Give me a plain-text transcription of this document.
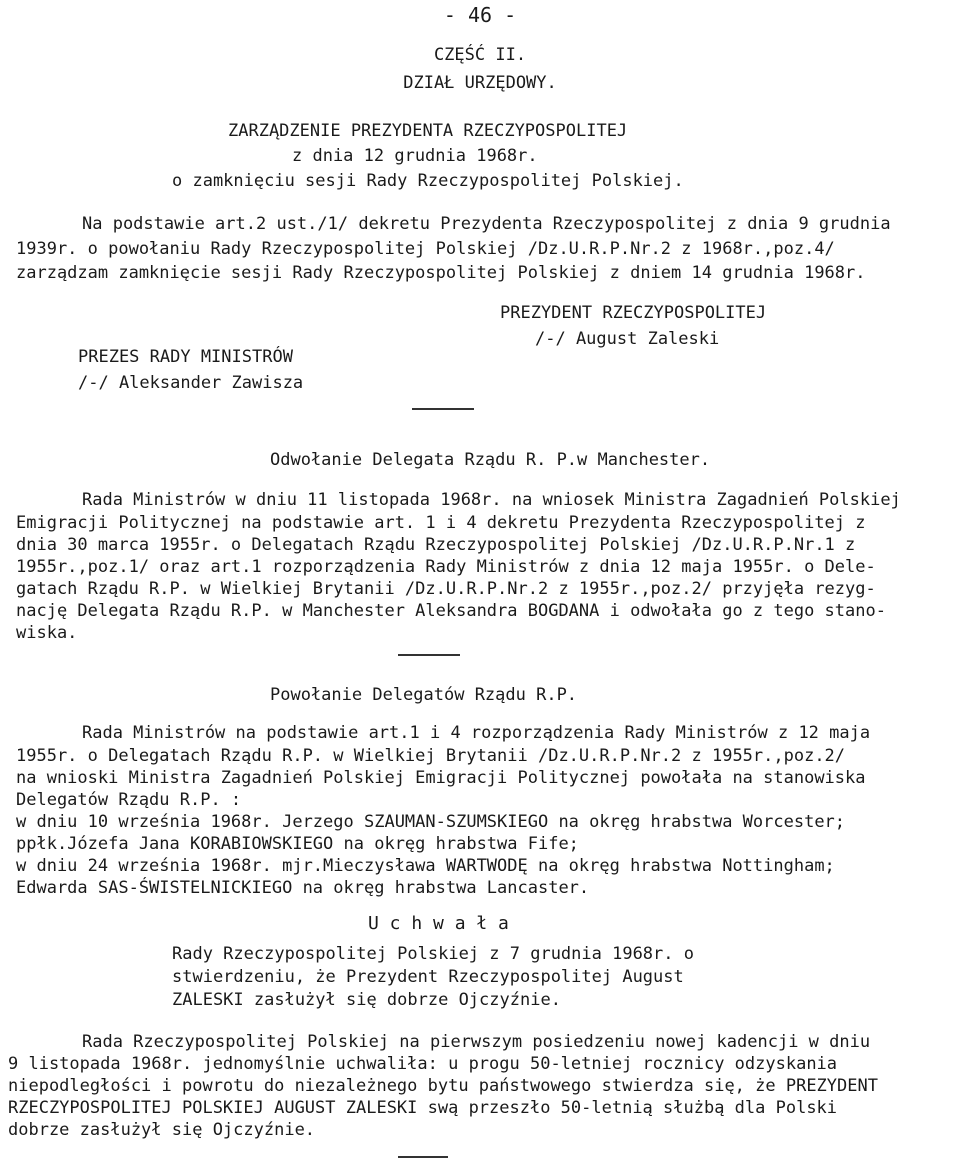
- 46 -
CZĘŚĆ II.
DZIAŁ URZĘDOWY.
ZARZĄDZENIE PREZYDENTA RZECZYPOSPOLITEJ
z dnia 12 grudnia 1968r.
o zamknięciu sesji Rady Rzeczypospolitej Polskiej.
Na podstawie art.2 ust./1/ dekretu Prezydenta Rzeczypospolitej z dnia 9 grudnia
1939r. o powołaniu Rady Rzeczypospolitej Polskiej /Dz.U.R.P.Nr.2 z 1968r.,poz.4/
zarządzam zamknięcie sesji Rady Rzeczypospolitej Polskiej z dniem 14 grudnia 1968r.
PREZYDENT RZECZYPOSPOLITEJ
/-/ August Zaleski
PREZES RADY MINISTRÓW
/-/ Aleksander Zawisza
Odwołanie Delegata Rządu R. P.w Manchester.
Rada Ministrów w dniu 11 listopada 1968r. na wniosek Ministra Zagadnień Polskiej
Emigracji Politycznej na podstawie art. 1 i 4 dekretu Prezydenta Rzeczypospolitej z
dnia 30 marca 1955r. o Delegatach Rządu Rzeczypospolitej Polskiej /Dz.U.R.P.Nr.1 z
1955r.,poz.1/ oraz art.1 rozporządzenia Rady Ministrów z dnia 12 maja 1955r. o Dele-
gatach Rządu R.P. w Wielkiej Brytanii /Dz.U.R.P.Nr.2 z 1955r.,poz.2/ przyjęła rezyg-
nację Delegata Rządu R.P. w Manchester Aleksandra BOGDANA i odwołała go z tego stano-
wiska.
Powołanie Delegatów Rządu R.P.
Rada Ministrów na podstawie art.1 i 4 rozporządzenia Rady Ministrów z 12 maja
1955r. o Delegatach Rządu R.P. w Wielkiej Brytanii /Dz.U.R.P.Nr.2 z 1955r.,poz.2/
na wnioski Ministra Zagadnień Polskiej Emigracji Politycznej powołała na stanowiska
Delegatów Rządu R.P. :
w dniu 10 września 1968r. Jerzego SZAUMAN-SZUMSKIEGO na okręg hrabstwa Worcester;
ppłk.Józefa Jana KORABIOWSKIEGO na okręg hrabstwa Fife;
w dniu 24 września 1968r. mjr.Mieczysława WARTWODĘ na okręg hrabstwa Nottingham;
Edwarda SAS-ŚWISTELNICKIEGO na okręg hrabstwa Lancaster.
U c h w a ł a
Rady Rzeczypospolitej Polskiej z 7 grudnia 1968r. o
stwierdzeniu, że Prezydent Rzeczypospolitej August
ZALESKI zasłużył się dobrze Ojczyźnie.
Rada Rzeczypospolitej Polskiej na pierwszym posiedzeniu nowej kadencji w dniu
9 listopada 1968r. jednomyślnie uchwaliła: u progu 50-letniej rocznicy odzyskania
niepodległości i powrotu do niezależnego bytu państwowego stwierdza się, że PREZYDENT
RZECZYPOSPOLITEJ POLSKIEJ AUGUST ZALESKI swą przeszło 50-letnią służbą dla Polski
dobrze zasłużył się Ojczyźnie.
